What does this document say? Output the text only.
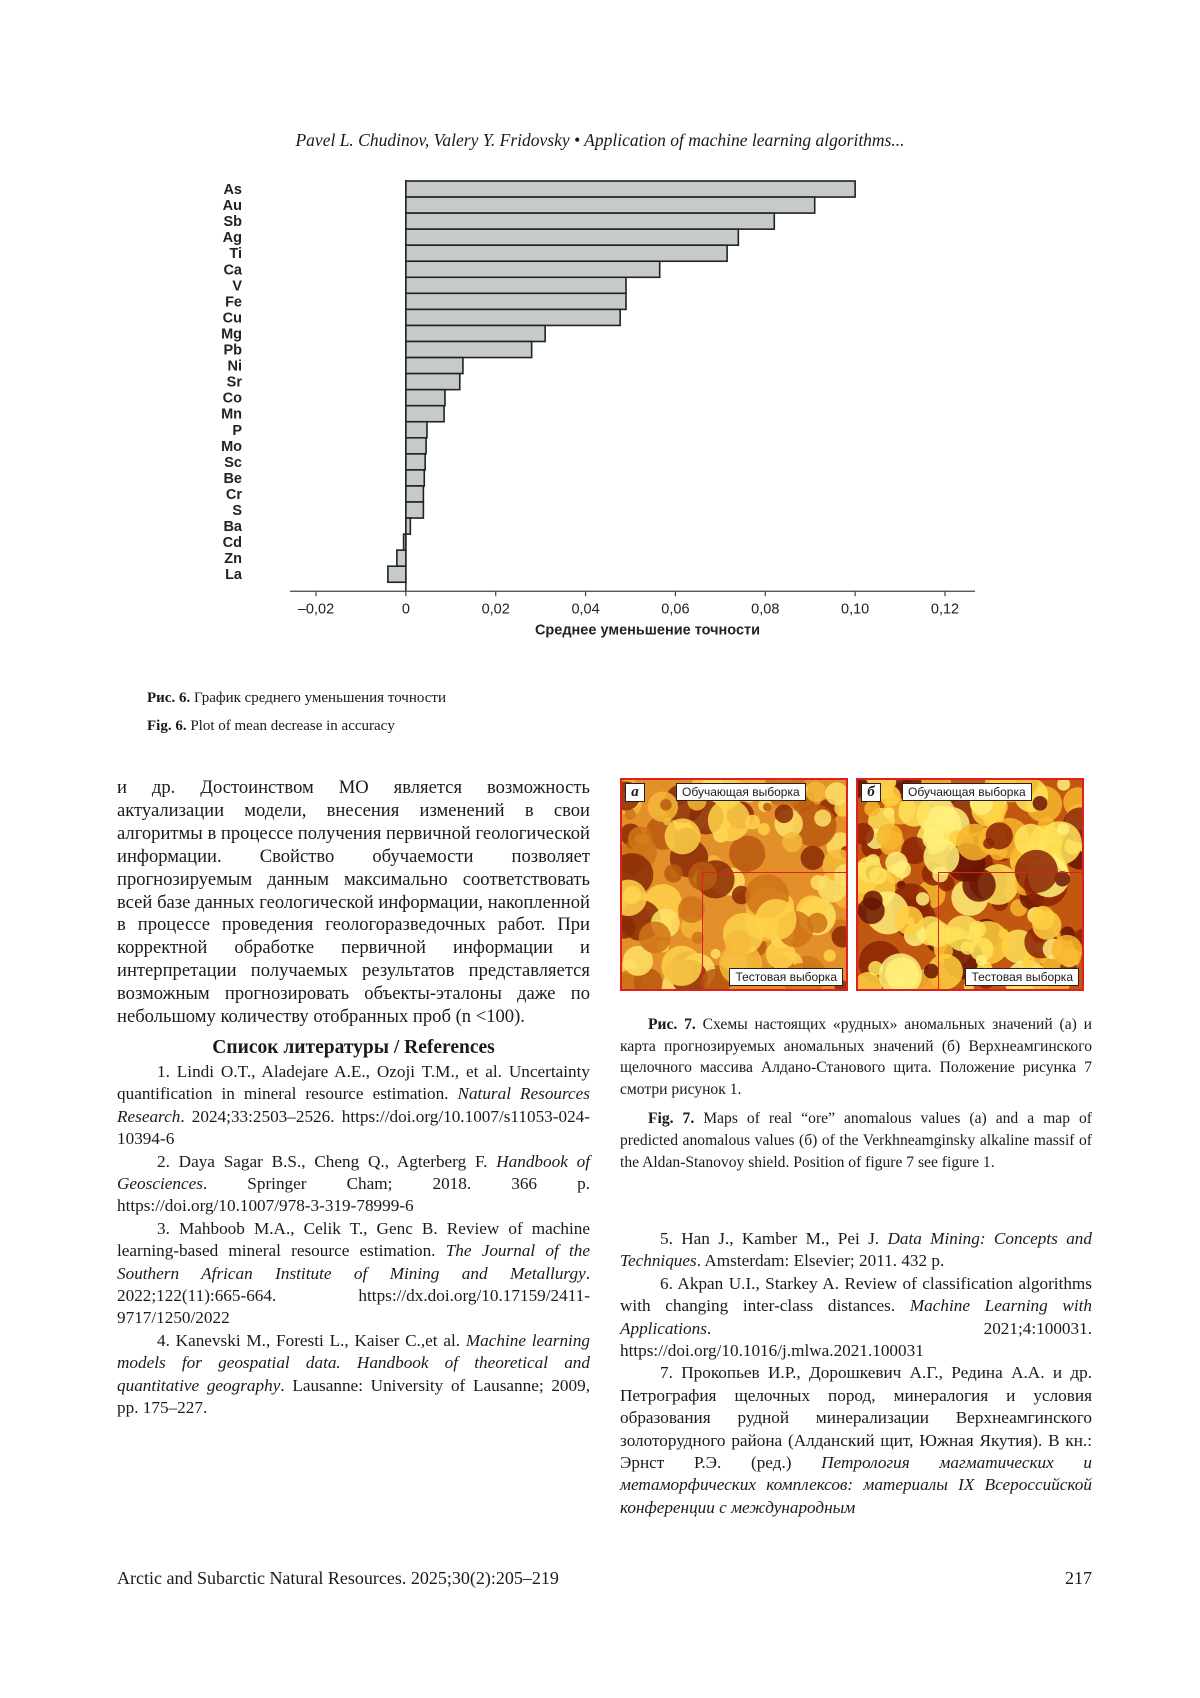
Pavel L. Chudinov, Valery Y. Fridovsky • Application of machine learning algorithms...
As
Au
Sb
Ag
Ti
Ca
V
Fe
Cu
Mg
Pb
Ni
Sr
Co
Mn
P
Mo
Sc
Be
Cr
S
Ba
Cd
Zn
La
–0,02	0	0,02	0,04	0,06	0,08	0,10	0,12
Среднее уменьшение точности
Рис. 6. График среднего уменьшения точности
Fig. 6. Plot of mean decrease in accuracy

и др. Достоинством МО является возможность актуализации модели, внесения изменений в свои алгоритмы в процессе получения первичной геологической информации. Свойство обучаемости позволяет прогнозируемым данным максимально соответствовать всей базе данных геологической информации, накопленной в процессе проведения геологоразведочных работ. При корректной обработке первичной информации и интерпретации получаемых результатов представляется возможным прогнозировать объекты-эталоны даже по небольшому количеству отобранных проб (n <100).

Список литературы / References

1. Lindi O.T., Aladejare A.E., Ozoji T.M., et al. Uncertainty quantification in mineral resource estimation. Natural Resources Research. 2024;33:2503–2526. https://doi.org/10.1007/s11053-024-10394-6

2. Daya Sagar B.S., Cheng Q., Agterberg F. Handbook of Geosciences. Springer Cham; 2018. 366 p. https://doi.org/10.1007/978-3-319-78999-6

3. Mahboob M.A., Celik T., Genc B. Review of machine learning-based mineral resource estimation. The Journal of the Southern African Institute of Mining and Metallurgy. 2022;122(11):665-664. https://dx.doi.org/10.17159/2411-9717/1250/2022

4. Kanevski M., Foresti L., Kaiser C.,et al. Machine learning models for geospatial data. Handbook of theoretical and quantitative geography. Lausanne: University of Lausanne; 2009, pp. 175–227.

а	Обучающая выборка
Тестовая выборка
б	Обучающая выборка
Тестовая выборка

Рис. 7. Схемы настоящих «рудных» аномальных значений (а) и карта прогнозируемых аномальных значений (б) Верхнеамгинского щелочного массива Алдано-Станового щита. Положение рисунка 7 смотри рисунок 1.

Fig. 7. Maps of real “ore” anomalous values (a) and a map of predicted anomalous values (б) of the Verkhneamginsky alkaline massif of the Aldan-Stanovoy shield. Position of figure 7 see figure 1.

5. Han J., Kamber M., Pei J. Data Mining: Concepts and Techniques. Amsterdam: Elsevier; 2011. 432 p.

6. Akpan U.I., Starkey A. Review of classification algorithms with changing inter-class distances. Machine Learning with Applications. 2021;4:100031. https://doi.org/10.1016/j.mlwa.2021.100031

7. Прокопьев И.Р., Дорошкевич А.Г., Редина А.А. и др. Петрография щелочных пород, минералогия и условия образования рудной минерализации Верхнеамгинского золоторудного района (Алданский щит, Южная Якутия). В кн.: Эрнст Р.Э. (ред.) Петрология магматических и метаморфических комплексов: материалы IX Всероссийской конференции с международным

Arctic and Subarctic Natural Resources. 2025;30(2):205–219	217
